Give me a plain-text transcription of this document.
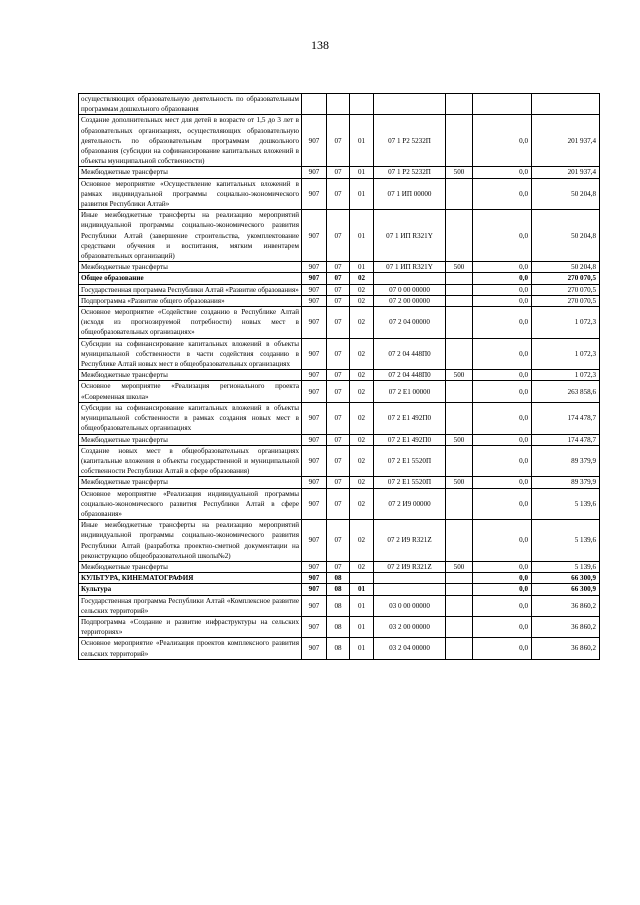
138
осуществляющих образовательную деятельность по образовательным программам дошкольного образования							
Создание дополнительных мест для детей в возрасте от 1,5 до 3 лет в образовательных организациях, осуществляющих образовательную деятельность по образовательным программам дошкольного образования (субсидии на софинансирование капитальных вложений в объекты муниципальной собственности)	907	07	01	07 1 P2 5232П		0,0	201 937,4
Межбюджетные трансферты	907	07	01	07 1 P2 5232П	500	0,0	201 937,4
Основное мероприятие «Осуществление капитальных вложений в рамках индивидуальной программы социально-экономического развития Республики Алтай»	907	07	01	07 1 ИП 00000		0,0	50 204,8
Иные межбюджетные трансферты на реализацию мероприятий индивидуальной программы социально-экономического развития Республики Алтай (завершение строительства, укомплектование средствами обучения и воспитания, мягким инвентарем образовательных организаций)	907	07	01	07 1 ИП R321Y		0,0	50 204,8
Межбюджетные трансферты	907	07	01	07 1 ИП R321Y	500	0,0	50 204,8
Общее образование	907	07	02			0,0	270 070,5
Государственная программа Республики Алтай «Развитие образования»	907	07	02	07 0 00 00000		0,0	270 070,5
Подпрограмма «Развитие общего образования»	907	07	02	07 2 00 00000		0,0	270 070,5
Основное мероприятие «Содействие созданию в Республике Алтай (исходя из прогнозируемой потребности) новых мест в общеобразовательных организациях»	907	07	02	07 2 04 00000		0,0	1 072,3
Субсидии на софинансирование капитальных вложений в объекты муниципальной собственности в части содействия созданию в Республике Алтай новых мест в общеобразовательных организациях	907	07	02	07 2 04 448П0		0,0	1 072,3
Межбюджетные трансферты	907	07	02	07 2 04 448П0	500	0,0	1 072,3
Основное мероприятие «Реализация регионального проекта «Современная школа»	907	07	02	07 2 E1 00000		0,0	263 858,6
Субсидии на софинансирование капитальных вложений в объекты муниципальной собственности в рамках создания новых мест в общеобразовательных организациях	907	07	02	07 2 E1 492П0		0,0	174 478,7
Межбюджетные трансферты	907	07	02	07 2 E1 492П0	500	0,0	174 478,7
Создание новых мест в общеобразовательных организациях (капитальные вложения в объекты государственной и муниципальной собственности Республики Алтай в сфере образования)	907	07	02	07 2 E1 5520П		0,0	89 379,9
Межбюджетные трансферты	907	07	02	07 2 E1 5520П	500	0,0	89 379,9
Основное мероприятие «Реализация индивидуальной программы социально-экономического развития Республики Алтай в сфере образования»	907	07	02	07 2 И9 00000		0,0	5 139,6
Иные межбюджетные трансферты на реализацию мероприятий индивидуальной программы социально-экономического развития Республики Алтай (разработка проектно-сметной документации на реконструкцию общеобразовательной школы№2)	907	07	02	07 2 И9 R321Z		0,0	5 139,6
Межбюджетные трансферты	907	07	02	07 2 И9 R321Z	500	0,0	5 139,6
КУЛЬТУРА, КИНЕМАТОГРАФИЯ	907	08				0,0	66 300,9
Культура	907	08	01			0,0	66 300,9
Государственная программа Республики Алтай «Комплексное развитие сельских территорий»	907	08	01	03 0 00 00000		0,0	36 860,2
Подпрограмма «Создание и развитие инфраструктуры на сельских территориях»	907	08	01	03 2 00 00000		0,0	36 860,2
Основное мероприятие «Реализация проектов комплексного развития сельских территорий»	907	08	01	03 2 04 00000		0,0	36 860,2
